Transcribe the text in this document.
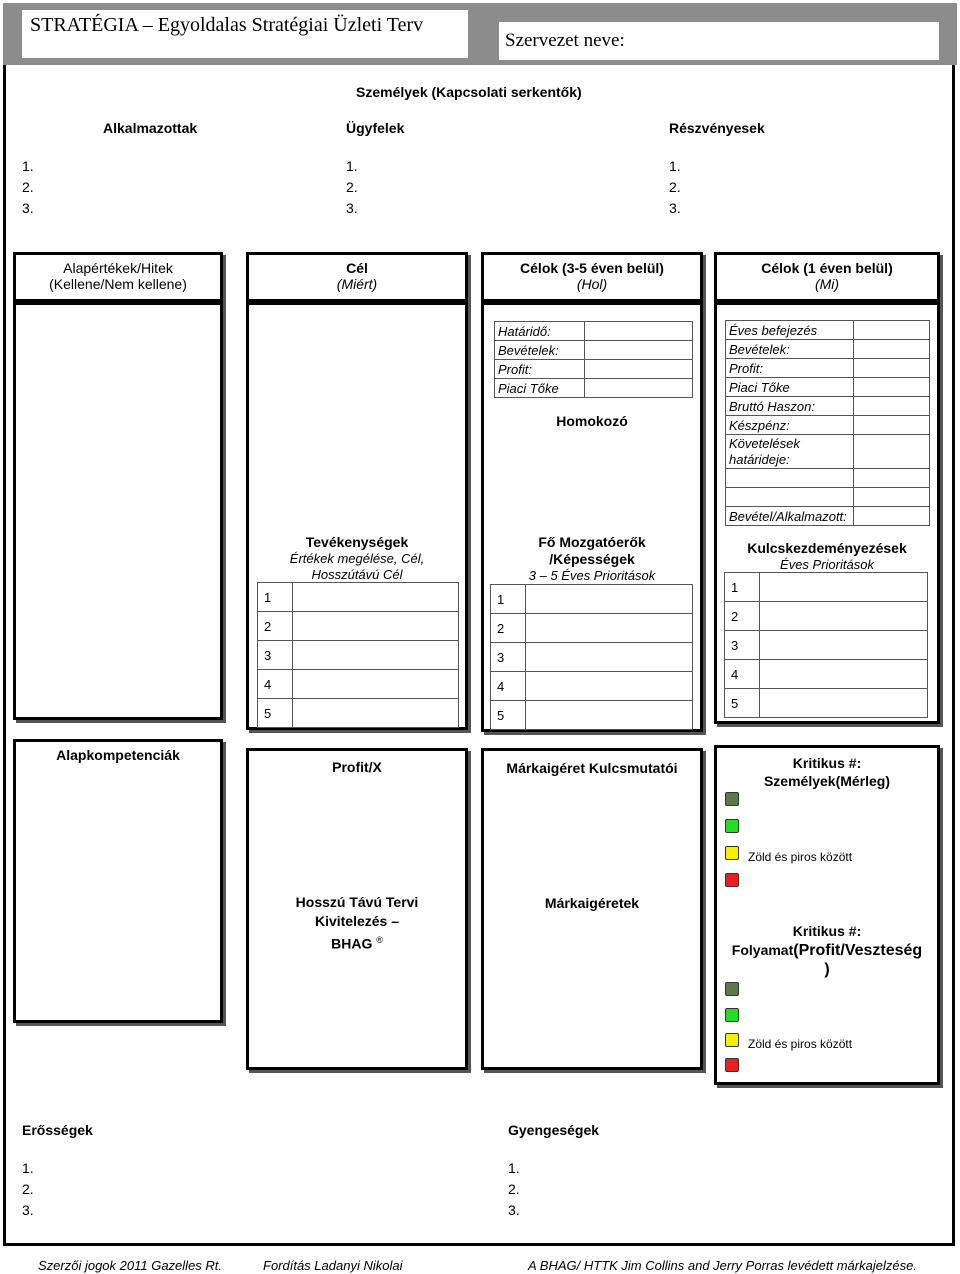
STRATÉGIA – Egyoldalas Stratégiai Üzleti Terv
Szervezet neve:
Személyek (Kapcsolati serkentők)
Alkalmazottak	Ügyfelek	Részvényesek
1.
2.
3.
1.
2.
3.
1.
2.
3.
Alapértékek/Hitek
(Kellene/Nem kellene)
Cél
(Miért)
Célok (3-5 éven belül)
(Hol)
Célok (1 éven belül)
(Mi)
Határidő:	
Bevételek:	
Profit:	
Piaci Tőke	
Homokozó
Éves befejezés	
Bevételek:	
Profit:	
Piaci Tőke	
Bruttó Haszon:	
Készpénz:	
Követelések
határideje:	

Bevétel/Alkalmazott:	
Tevékenységek
Értékek megélése, Cél,
Hosszútávú Cél
1	
2	
3	
4	
5	
Fő Mozgatóerők
/Képességek
3 – 5 Éves Prioritások
1	
2	
3	
4	
5	
Kulcskezdeményezések
Éves Prioritások
1	
2	
3	
4	
5	
Alapkompetenciák
Profit/X
Hosszú Távú Tervi
Kivitelezés –
BHAG ®
Márkaigéret Kulcsmutatói
Márkaigéretek
Kritikus #:
Személyek(Mérleg)
Kritikus #:
Folyamat(Profit/Veszteség
)
Zöld és piros között
Zöld és piros között
Erősségek
1.
2.
3.
Gyengeségek
1.
2.
3.
Szerzői jogok 2011 Gazelles Rt.	Fordítás Ladanyi Nikolai	A BHAG/ HTTK Jim Collins and Jerry Porras levédett márkajelzése.
